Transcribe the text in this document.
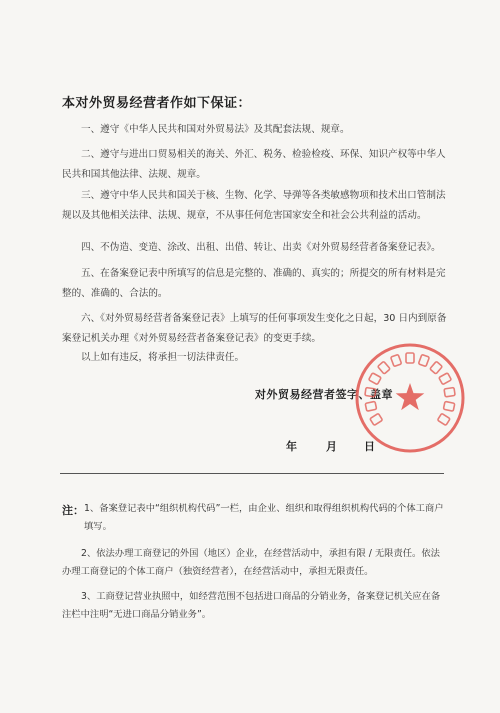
本对外贸易经营者作如下保证：
一、遵守《中华人民共和国对外贸易法》及其配套法规、规章。
二、遵守与进出口贸易相关的海关、外汇、税务、检验检疫、环保、知识产权等中华人民共和国其他法律、法规、规章。
三、遵守中华人民共和国关于核、生物、化学、导弹等各类敏感物项和技术出口管制法规以及其他相关法律、法规、规章，不从事任何危害国家安全和社会公共利益的活动。
四、不伪造、变造、涂改、出租、出借、转让、出卖《对外贸易经营者备案登记表》。
五、在备案登记表中所填写的信息是完整的、准确的、真实的；所提交的所有材料是完整的、准确的、合法的。
六、《对外贸易经营者备案登记表》上填写的任何事项发生变化之日起，30 日内到原备案登记机关办理《对外贸易经营者备案登记表》的变更手续。
以上如有违反，将承担一切法律责任。
对外贸易经营者签字、盖章
年	月 日
注： 1、备案登记表中“组织机构代码”一栏，由企业、组织和取得组织机构代码的个体工商户填写。
2、依法办理工商登记的外国（地区）企业，在经营活动中，承担有限 / 无限责任。依法办理工商登记的个体工商户（独资经营者），在经营活动中，承担无限责任。
3、工商登记营业执照中，如经营范围不包括进口商品的分销业务，备案登记机关应在备注栏中注明“无进口商品分销业务”。
